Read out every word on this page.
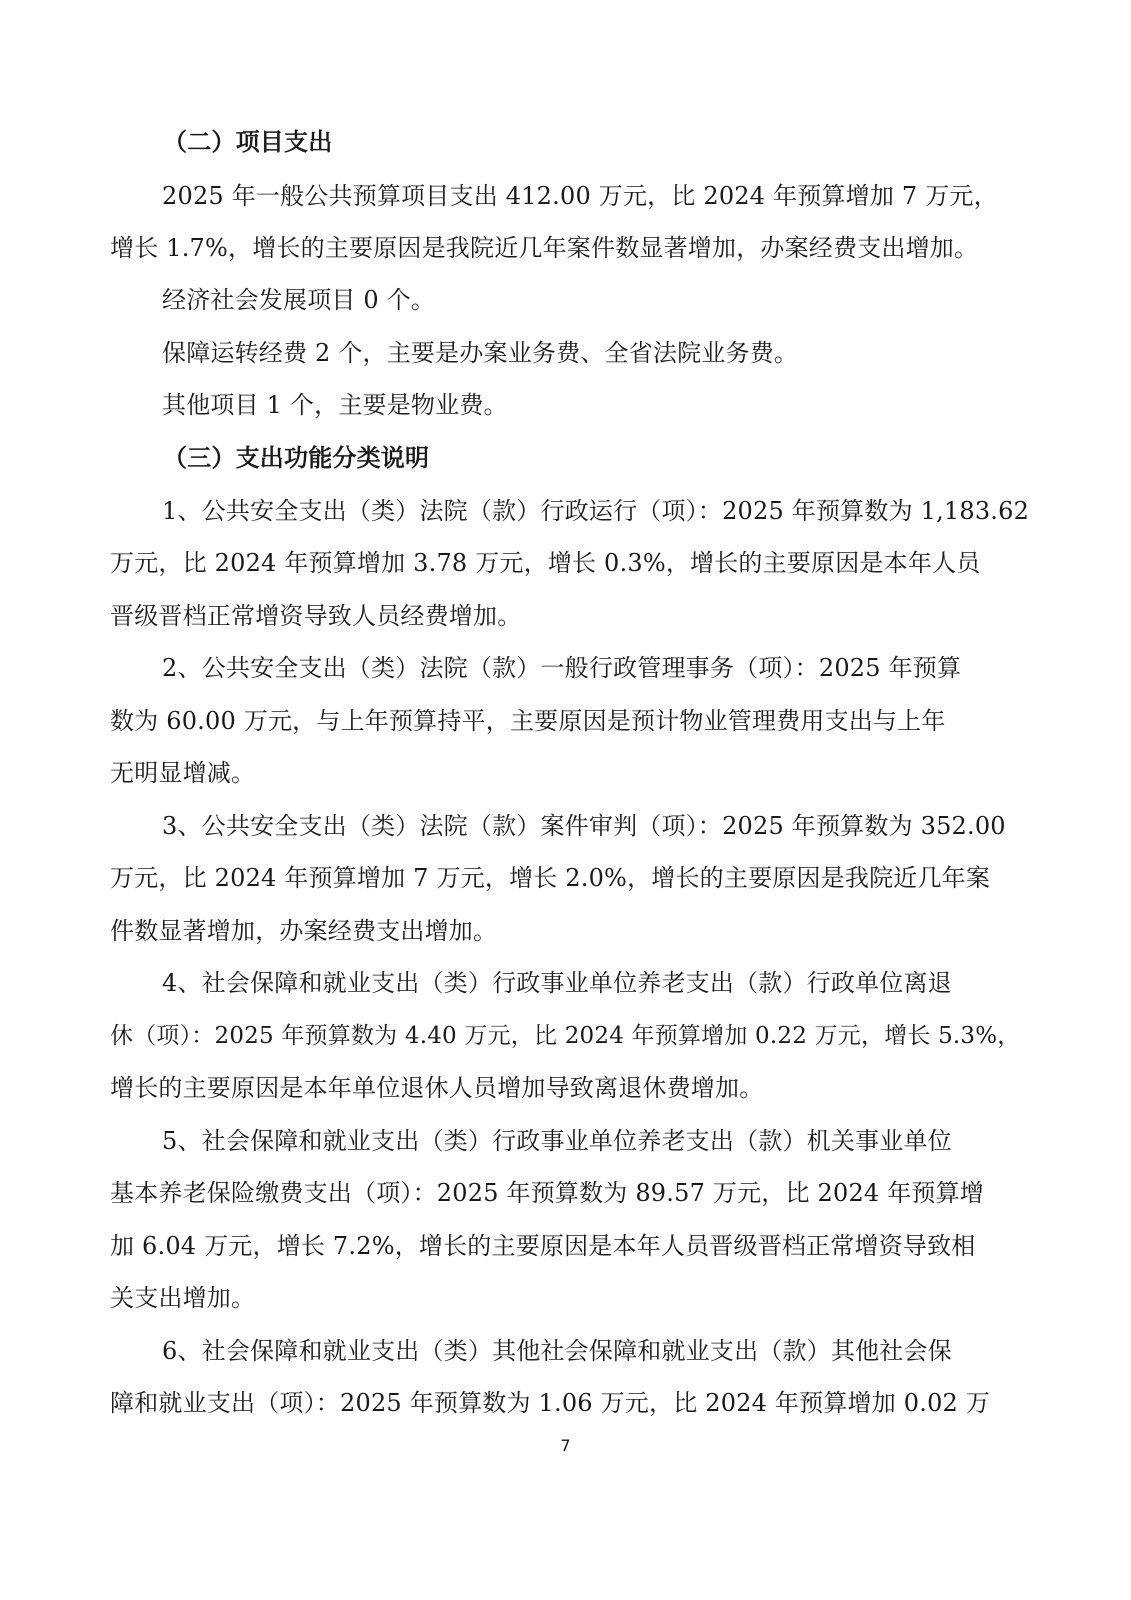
（二）项目支出
2025 年一般公共预算项目支出 412.00 万元，比 2024 年预算增加 7 万元，
增长 1.7%，增长的主要原因是我院近几年案件数显著增加，办案经费支出增加。
经济社会发展项目 0 个。
保障运转经费 2 个，主要是办案业务费、全省法院业务费。
其他项目 1 个，主要是物业费。
（三）支出功能分类说明
1、公共安全支出（类）法院（款）行政运行（项）：2025 年预算数为 1,183.62
万元，比 2024 年预算增加 3.78 万元，增长 0.3%，增长的主要原因是本年人员
晋级晋档正常增资导致人员经费增加。
2、公共安全支出（类）法院（款）一般行政管理事务（项）：2025 年预算
数为 60.00 万元，与上年预算持平，主要原因是预计物业管理费用支出与上年
无明显增减。
3、公共安全支出（类）法院（款）案件审判（项）：2025 年预算数为 352.00
万元，比 2024 年预算增加 7 万元，增长 2.0%，增长的主要原因是我院近几年案
件数显著增加，办案经费支出增加。
4、社会保障和就业支出（类）行政事业单位养老支出（款）行政单位离退
休（项）：2025 年预算数为 4.40 万元，比 2024 年预算增加 0.22 万元，增长 5.3%，
增长的主要原因是本年单位退休人员增加导致离退休费增加。
5、社会保障和就业支出（类）行政事业单位养老支出（款）机关事业单位
基本养老保险缴费支出（项）：2025 年预算数为 89.57 万元，比 2024 年预算增
加 6.04 万元，增长 7.2%，增长的主要原因是本年人员晋级晋档正常增资导致相
关支出增加。
6、社会保障和就业支出（类）其他社会保障和就业支出（款）其他社会保
障和就业支出（项）：2025 年预算数为 1.06 万元，比 2024 年预算增加 0.02 万
7
